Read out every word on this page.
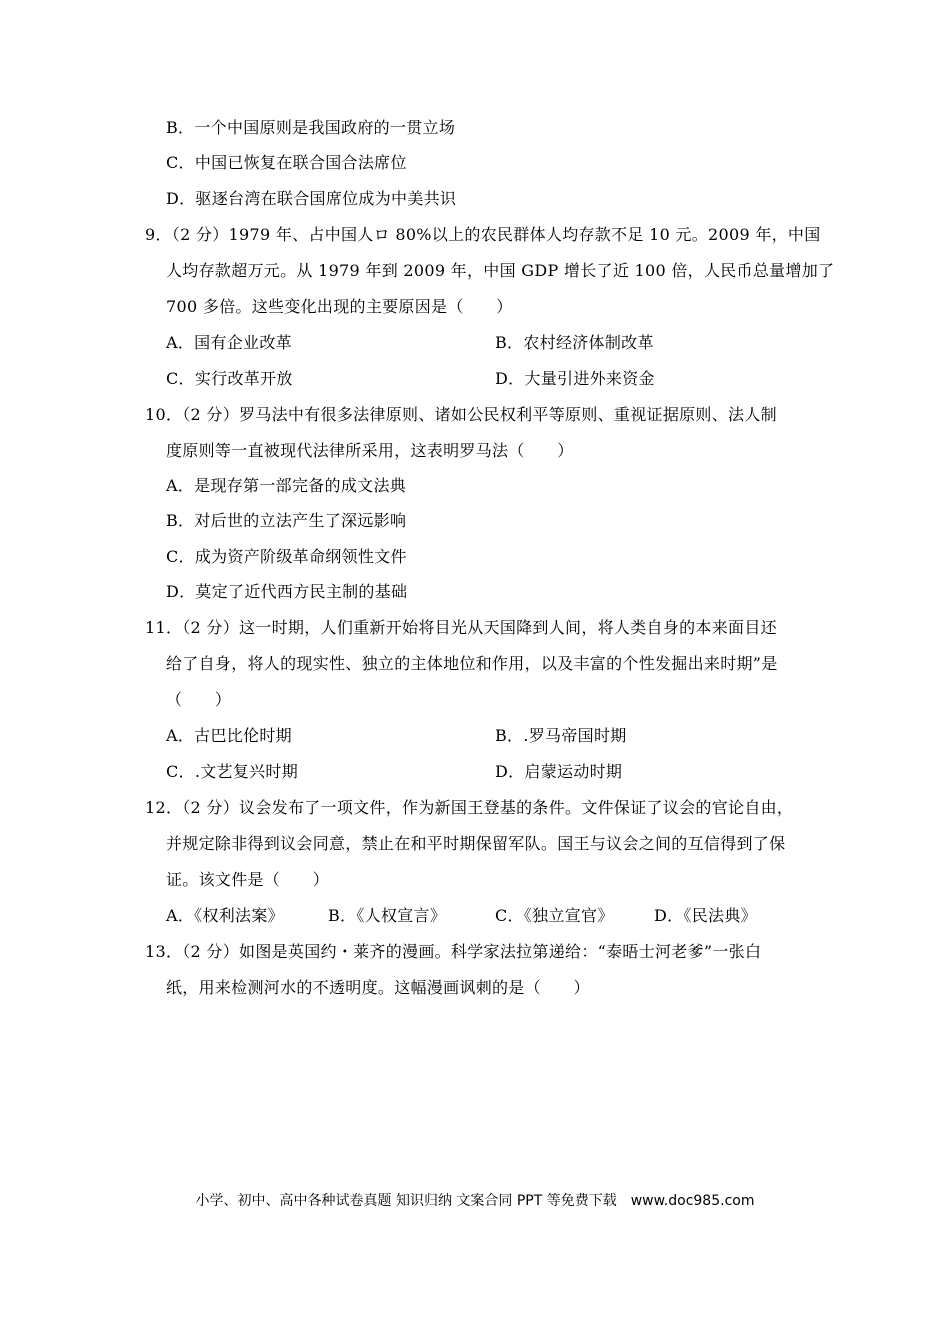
B．一个中国原则是我国政府的一贯立场
C．中国已恢复在联合国合法席位
D．驱逐台湾在联合国席位成为中美共识
9．（2 分）1979 年、占中国人ロ 80%以上的农民群体人均存款不足 10 元。2009 年，中国
人均存款超万元。从 1979 年到 2009 年，中国 GDP 增长了近 100 倍，人民币总量增加了
700 多倍。这些变化出现的主要原因是（　　）
A．国有企业改革	B．农村经济体制改革
C．实行改革开放	D．大量引进外来资金
10．（2 分）罗马法中有很多法律原则、诸如公民权利平等原则、重视证据原则、法人制
度原则等一直被现代法律所采用，这表明罗马法（　　）
A．是现存第一部完备的成文法典
B．对后世的立法产生了深远影响
C．成为资产阶级革命纲领性文件
D．莫定了近代西方民主制的基础
11．（2 分）这一时期，人们重新开始将目光从天国降到人间，将人类自身的本来面目还
给了自身，将人的现实性、独立的主体地位和作用，以及丰富的个性发掘出来时期”是
（　　）
A．古巴比伦时期	B．.罗马帝国时期
C．.文艺复兴时期	D．启蒙运动时期
12．（2 分）议会发布了一项文件，作为新国王登基的条件。文件保证了议会的官论自由，
并规定除非得到议会同意，禁止在和平时期保留军队。国王与议会之间的互信得到了保
证。该文件是（　　）
A．《权利法案》	B．《人权宣言》	C．《独立宣官》	D．《民法典》
13．（2 分）如图是英国约・莱齐的漫画。科学家法拉第递给：“泰晤士河老爹”一张白
纸，用来检测河水的不透明度。这幅漫画讽刺的是（　　）
小学、初中、高中各种试卷真题 知识归纳 文案合同 PPT 等免费下载　www.doc985.com
